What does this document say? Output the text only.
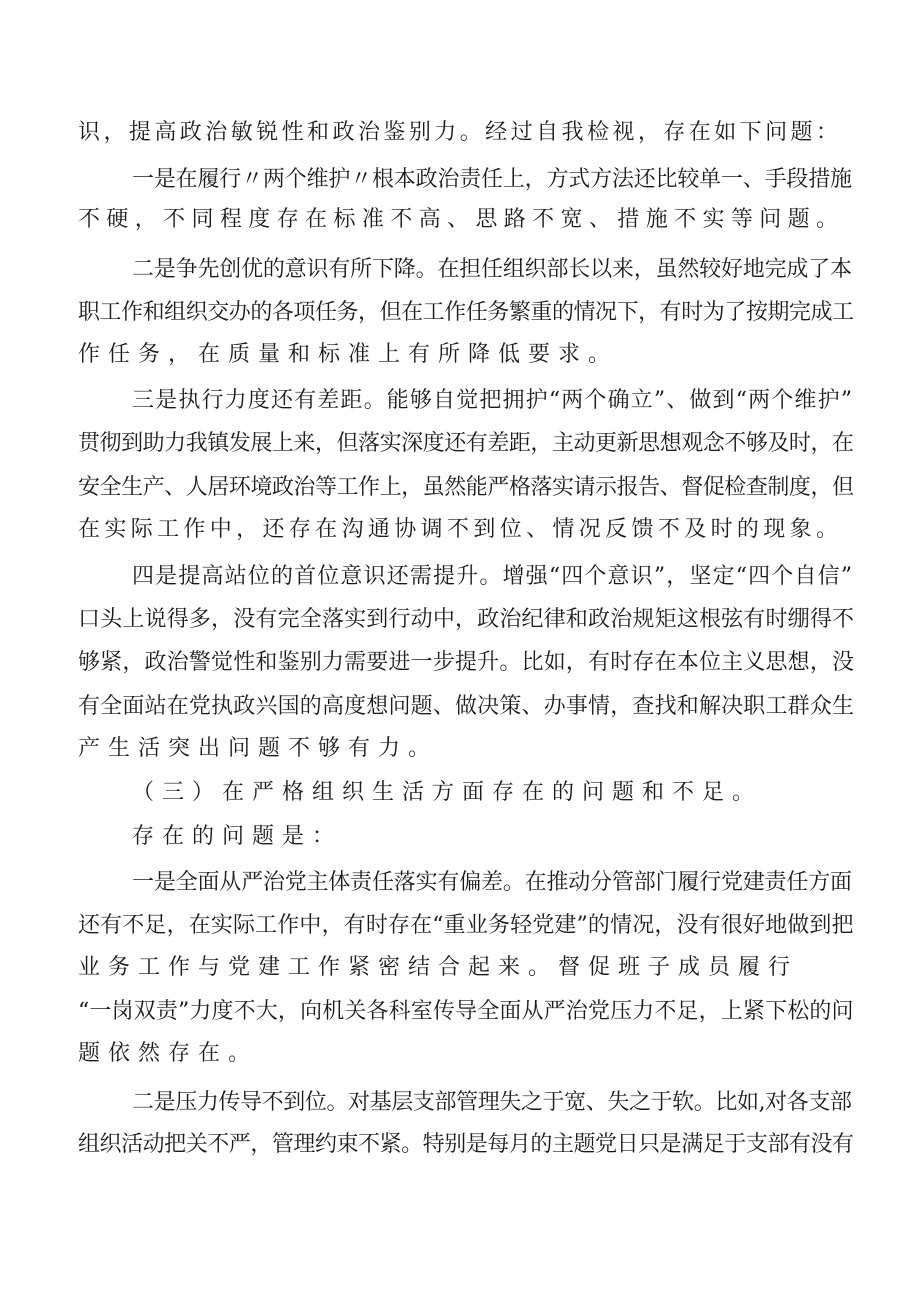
识，提高政治敏锐性和政治鉴别力。经过自我检视，存在如下问题：
一是在履行〃两个维护〃根本政治责任上，方式方法还比较单一、手段措施
不硬，不同程度存在标准不高、思路不宽、措施不实等问题。
二是争先创优的意识有所下降。在担任组织部长以来，虽然较好地完成了本
职工作和组织交办的各项任务，但在工作任务繁重的情况下，有时为了按期完成工
作任务，在质量和标准上有所降低要求。
三是执行力度还有差距。能够自觉把拥护“两个确立”、做到“两个维护”
贯彻到助力我镇发展上来，但落实深度还有差距，主动更新思想观念不够及时，在
安全生产、人居环境政治等工作上，虽然能严格落实请示报告、督促检查制度，但
在实际工作中，还存在沟通协调不到位、情况反馈不及时的现象。
四是提高站位的首位意识还需提升。增强“四个意识”，坚定“四个自信”
口头上说得多，没有完全落实到行动中，政治纪律和政治规矩这根弦有时绷得不
够紧，政治警觉性和鉴别力需要进一步提升。比如，有时存在本位主义思想，没
有全面站在党执政兴国的高度想问题、做决策、办事情，查找和解决职工群众生
产生活突出问题不够有力。
（三）在严格组织生活方面存在的问题和不足。
存在的问题是：
一是全面从严治党主体责任落实有偏差。在推动分管部门履行党建责任方面
还有不足，在实际工作中，有时存在“重业务轻党建”的情况，没有很好地做到把
业务工作与党建工作紧密结合起来。督促班子成员履行
“一岗双责”力度不大，向机关各科室传导全面从严治党压力不足，上紧下松的问
题依然存在。
二是压力传导不到位。对基层支部管理失之于宽、失之于软。比如,对各支部
组织活动把关不严，管理约束不紧。特别是每月的主题党日只是满足于支部有没有
